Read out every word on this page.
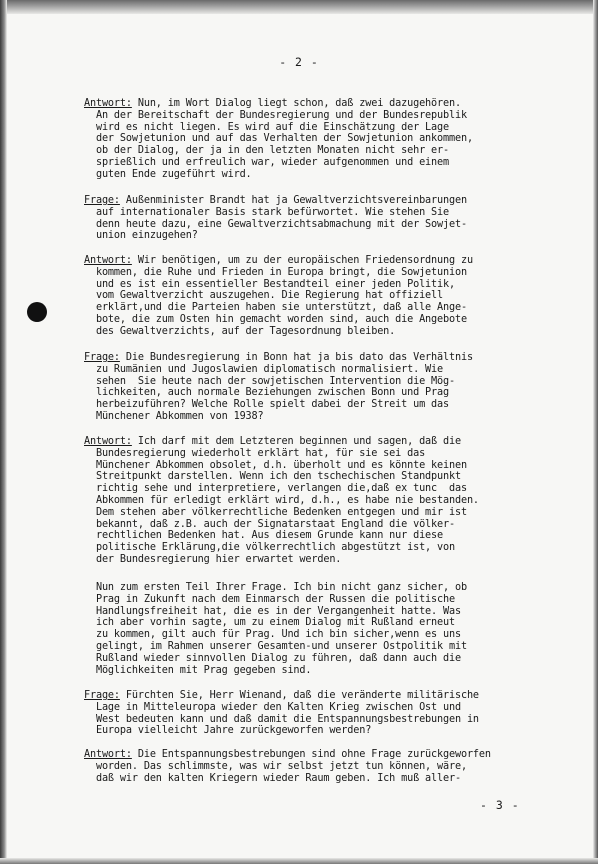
- 2 -
Antwort: Nun, im Wort Dialog liegt schon, daß zwei dazugehören.
An der Bereitschaft der Bundesregierung und der Bundesrepublik
wird es nicht liegen. Es wird auf die Einschätzung der Lage
der Sowjetunion und auf das Verhalten der Sowjetunion ankommen,
ob der Dialog, der ja in den letzten Monaten nicht sehr er-
sprießlich und erfreulich war, wieder aufgenommen und einem
guten Ende zugeführt wird.
Frage: Außenminister Brandt hat ja Gewaltverzichtsvereinbarungen
auf internationaler Basis stark befürwortet. Wie stehen Sie
denn heute dazu, eine Gewaltverzichtsabmachung mit der Sowjet-
union einzugehen?
Antwort: Wir benötigen, um zu der europäischen Friedensordnung zu
kommen, die Ruhe und Frieden in Europa bringt, die Sowjetunion
und es ist ein essentieller Bestandteil einer jeden Politik,
vom Gewaltverzicht auszugehen. Die Regierung hat offiziell
erklärt,und die Parteien haben sie unterstützt, daß alle Ange-
bote, die zum Osten hin gemacht worden sind, auch die Angebote
des Gewaltverzichts, auf der Tagesordnung bleiben.
Frage: Die Bundesregierung in Bonn hat ja bis dato das Verhältnis
zu Rumänien und Jugoslawien diplomatisch normalisiert. Wie
sehen  Sie heute nach der sowjetischen Intervention die Mög-
lichkeiten, auch normale Beziehungen zwischen Bonn und Prag
herbeizuführen? Welche Rolle spielt dabei der Streit um das
Münchener Abkommen von 1938?
Antwort: Ich darf mit dem Letzteren beginnen und sagen, daß die
Bundesregierung wiederholt erklärt hat, für sie sei das
Münchener Abkommen obsolet, d.h. überholt und es könnte keinen
Streitpunkt darstellen. Wenn ich den tschechischen Standpunkt
richtig sehe und interpretiere, verlangen die,daß ex tunc  das
Abkommen für erledigt erklärt wird, d.h., es habe nie bestanden.
Dem stehen aber völkerrechtliche Bedenken entgegen und mir ist
bekannt, daß z.B. auch der Signatarstaat England die völker-
rechtlichen Bedenken hat. Aus diesem Grunde kann nur diese
politische Erklärung,die völkerrechtlich abgestützt ist, von
der Bundesregierung hier erwartet werden.
Nun zum ersten Teil Ihrer Frage. Ich bin nicht ganz sicher, ob
Prag in Zukunft nach dem Einmarsch der Russen die politische
Handlungsfreiheit hat, die es in der Vergangenheit hatte. Was
ich aber vorhin sagte, um zu einem Dialog mit Rußland erneut
zu kommen, gilt auch für Prag. Und ich bin sicher,wenn es uns
gelingt, im Rahmen unserer Gesamten-und unserer Ostpolitik mit
Rußland wieder sinnvollen Dialog zu führen, daß dann auch die
Möglichkeiten mit Prag gegeben sind.
Frage: Fürchten Sie, Herr Wienand, daß die veränderte militärische
Lage in Mitteleuropa wieder den Kalten Krieg zwischen Ost und
West bedeuten kann und daß damit die Entspannungsbestrebungen in
Europa vielleicht Jahre zurückgeworfen werden?
Antwort: Die Entspannungsbestrebungen sind ohne Frage zurückgeworfen
worden. Das schlimmste, was wir selbst jetzt tun können, wäre,
daß wir den kalten Kriegern wieder Raum geben. Ich muß aller-
- 3 -
